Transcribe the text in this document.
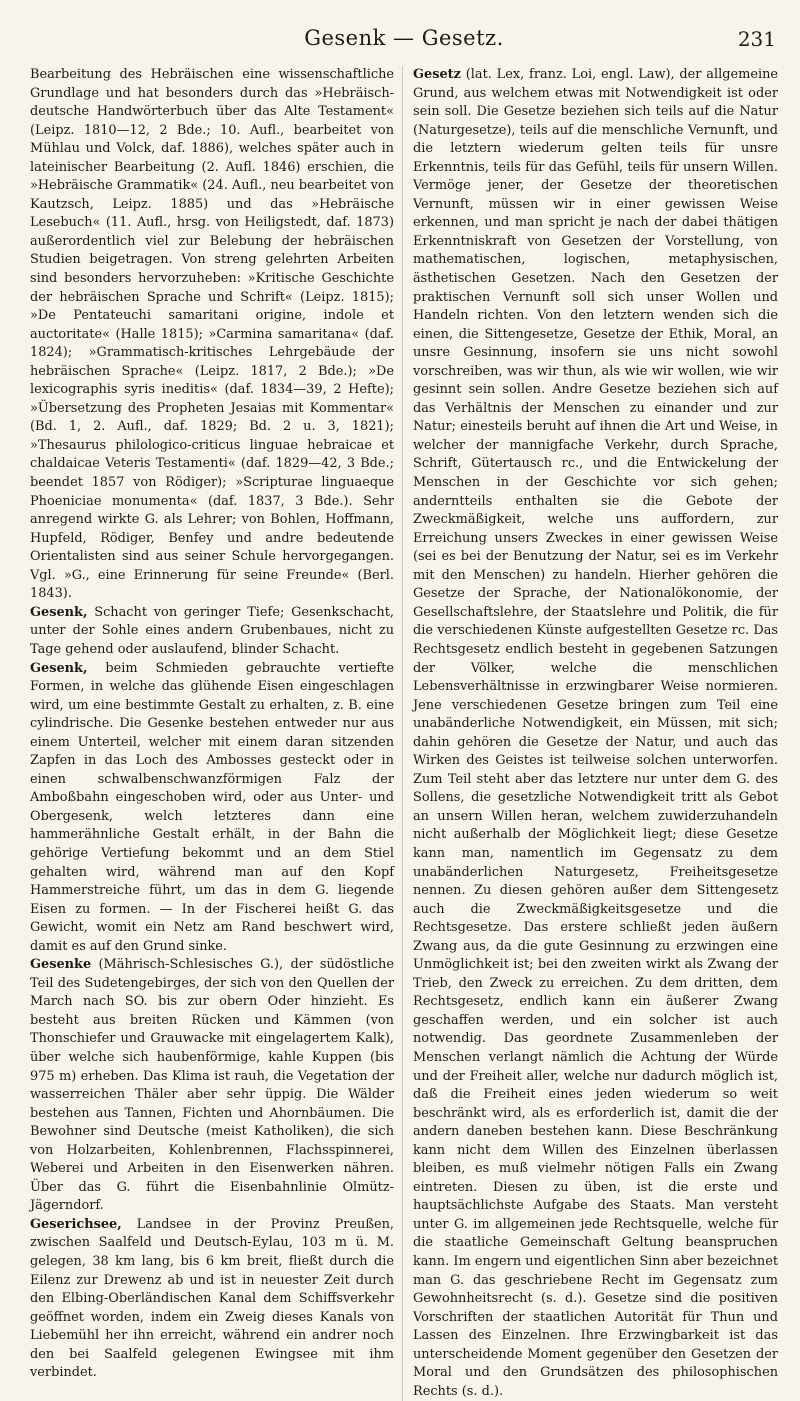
Gesenk — Gesetz.	231

Bearbeitung des Hebräischen eine wissenschaftliche Grundlage und hat besonders durch das »Hebräisch-deutsche Handwörterbuch über das Alte Testament« (Leipz. 1810—12, 2 Bde.; 10. Aufl., bearbeitet von Mühlau und Volck, daf. 1886), welches später auch in lateinischer Bearbeitung (2. Aufl. 1846) erschien, die »Hebräische Grammatik« (24. Aufl., neu bearbeitet von Kautzsch, Leipz. 1885) und das »Hebräische Lesebuch« (11. Aufl., hrsg. von Heiligstedt, daf. 1873) außerordentlich viel zur Belebung der hebräischen Studien beigetragen. Von streng gelehrten Arbeiten sind besonders hervorzuheben: »Kritische Geschichte der hebräischen Sprache und Schrift« (Leipz. 1815); »De Pentateuchi samaritani origine, indole et auctoritate« (Halle 1815); »Carmina samaritana« (daf. 1824); »Grammatisch-kritisches Lehrgebäude der hebräischen Sprache« (Leipz. 1817, 2 Bde.); »De lexicographis syris ineditis« (daf. 1834—39, 2 Hefte); »Übersetzung des Propheten Jesaias mit Kommentar« (Bd. 1, 2. Aufl., daf. 1829; Bd. 2 u. 3, 1821); »Thesaurus philologico-criticus linguae hebraicae et chaldaicae Veteris Testamenti« (daf. 1829—42, 3 Bde.; beendet 1857 von Rödiger); »Scripturae linguaeque Phoeniciae monumenta« (daf. 1837, 3 Bde.). Sehr anregend wirkte G. als Lehrer; von Bohlen, Hoffmann, Hupfeld, Rödiger, Benfey und andre bedeutende Orientalisten sind aus seiner Schule hervorgegangen. Vgl. »G., eine Erinnerung für seine Freunde« (Berl. 1843).

Gesenk, Schacht von geringer Tiefe; Gesenkschacht, unter der Sohle eines andern Grubenbaues, nicht zu Tage gehend oder auslaufend, blinder Schacht.

Gesenk, beim Schmieden gebrauchte vertiefte Formen, in welche das glühende Eisen eingeschlagen wird, um eine bestimmte Gestalt zu erhalten, z. B. eine cylindrische. Die Gesenke bestehen entweder nur aus einem Unterteil, welcher mit einem daran sitzenden Zapfen in das Loch des Ambosses gesteckt oder in einen schwalbenschwanzförmigen Falz der Amboßbahn eingeschoben wird, oder aus Unter- und Obergesenk, welch letzteres dann eine hammerähnliche Gestalt erhält, in der Bahn die gehörige Vertiefung bekommt und an dem Stiel gehalten wird, während man auf den Kopf Hammerstreiche führt, um das in dem G. liegende Eisen zu formen. — In der Fischerei heißt G. das Gewicht, womit ein Netz am Rand beschwert wird, damit es auf den Grund sinke.

Gesenke (Mährisch-Schlesisches G.), der südöstliche Teil des Sudetengebirges, der sich von den Quellen der March nach SO. bis zur obern Oder hinzieht. Es besteht aus breiten Rücken und Kämmen (von Thonschiefer und Grauwacke mit eingelagertem Kalk), über welche sich haubenförmige, kahle Kuppen (bis 975 m) erheben. Das Klima ist rauh, die Vegetation der wasserreichen Thäler aber sehr üppig. Die Wälder bestehen aus Tannen, Fichten und Ahornbäumen. Die Bewohner sind Deutsche (meist Katholiken), die sich von Holzarbeiten, Kohlenbrennen, Flachsspinnerei, Weberei und Arbeiten in den Eisenwerken nähren. Über das G. führt die Eisenbahnlinie Olmütz-Jägerndorf.

Geserichsee, Landsee in der Provinz Preußen, zwischen Saalfeld und Deutsch-Eylau, 103 m ü. M. gelegen, 38 km lang, bis 6 km breit, fließt durch die Eilenz zur Drewenz ab und ist in neuester Zeit durch den Elbing-Oberländischen Kanal dem Schiffsverkehr geöffnet worden, indem ein Zweig dieses Kanals von Liebemühl her ihn erreicht, während ein andrer noch den bei Saalfeld gelegenen Ewingsee mit ihm verbindet.

Gesetz (lat. Lex, franz. Loi, engl. Law), der allgemeine Grund, aus welchem etwas mit Notwendigkeit ist oder sein soll. Die Gesetze beziehen sich teils auf die Natur (Naturgesetze), teils auf die menschliche Vernunft, und die letztern wiederum gelten teils für unsre Erkenntnis, teils für das Gefühl, teils für unsern Willen. Vermöge jener, der Gesetze der theoretischen Vernunft, müssen wir in einer gewissen Weise erkennen, und man spricht je nach der dabei thätigen Erkenntniskraft von Gesetzen der Vorstellung, von mathematischen, logischen, metaphysischen, ästhetischen Gesetzen. Nach den Gesetzen der praktischen Vernunft soll sich unser Wollen und Handeln richten. Von den letztern wenden sich die einen, die Sittengesetze, Gesetze der Ethik, Moral, an unsre Gesinnung, insofern sie uns nicht sowohl vorschreiben, was wir thun, als wie wir wollen, wie wir gesinnt sein sollen. Andre Gesetze beziehen sich auf das Verhältnis der Menschen zu einander und zur Natur; einesteils beruht auf ihnen die Art und Weise, in welcher der mannigfache Verkehr, durch Sprache, Schrift, Gütertausch rc., und die Entwickelung der Menschen in der Geschichte vor sich gehen; anderntteils enthalten sie die Gebote der Zweckmäßigkeit, welche uns auffordern, zur Erreichung unsers Zweckes in einer gewissen Weise (sei es bei der Benutzung der Natur, sei es im Verkehr mit den Menschen) zu handeln. Hierher gehören die Gesetze der Sprache, der Nationalökonomie, der Gesellschaftslehre, der Staatslehre und Politik, die für die verschiedenen Künste aufgestellten Gesetze rc. Das Rechtsgesetz endlich besteht in gegebenen Satzungen der Völker, welche die menschlichen Lebensverhältnisse in erzwingbarer Weise normieren. Jene verschiedenen Gesetze bringen zum Teil eine unabänderliche Notwendigkeit, ein Müssen, mit sich; dahin gehören die Gesetze der Natur, und auch das Wirken des Geistes ist teilweise solchen unterworfen. Zum Teil steht aber das letztere nur unter dem G. des Sollens, die gesetzliche Notwendigkeit tritt als Gebot an unsern Willen heran, welchem zuwiderzuhandeln nicht außerhalb der Möglichkeit liegt; diese Gesetze kann man, namentlich im Gegensatz zu dem unabänderlichen Naturgesetz, Freiheitsgesetze nennen. Zu diesen gehören außer dem Sittengesetz auch die Zweckmäßigkeitsgesetze und die Rechtsgesetze. Das erstere schließt jeden äußern Zwang aus, da die gute Gesinnung zu erzwingen eine Unmöglichkeit ist; bei den zweiten wirkt als Zwang der Trieb, den Zweck zu erreichen. Zu dem dritten, dem Rechtsgesetz, endlich kann ein äußerer Zwang geschaffen werden, und ein solcher ist auch notwendig. Das geordnete Zusammenleben der Menschen verlangt nämlich die Achtung der Würde und der Freiheit aller, welche nur dadurch möglich ist, daß die Freiheit eines jeden wiederum so weit beschränkt wird, als es erforderlich ist, damit die der andern daneben bestehen kann. Diese Beschränkung kann nicht dem Willen des Einzelnen überlassen bleiben, es muß vielmehr nötigen Falls ein Zwang eintreten. Diesen zu üben, ist die erste und hauptsächlichste Aufgabe des Staats. Man versteht unter G. im allgemeinen jede Rechtsquelle, welche für die staatliche Gemeinschaft Geltung beanspruchen kann. Im engern und eigentlichen Sinn aber bezeichnet man G. das geschriebene Recht im Gegensatz zum Gewohnheitsrecht (s. d.). Gesetze sind die positiven Vorschriften der staatlichen Autorität für Thun und Lassen des Einzelnen. Ihre Erzwingbarkeit ist das unterscheidende Moment gegenüber den Gesetzen der Moral und den Grundsätzen des philosophischen Rechts (s. d.).
